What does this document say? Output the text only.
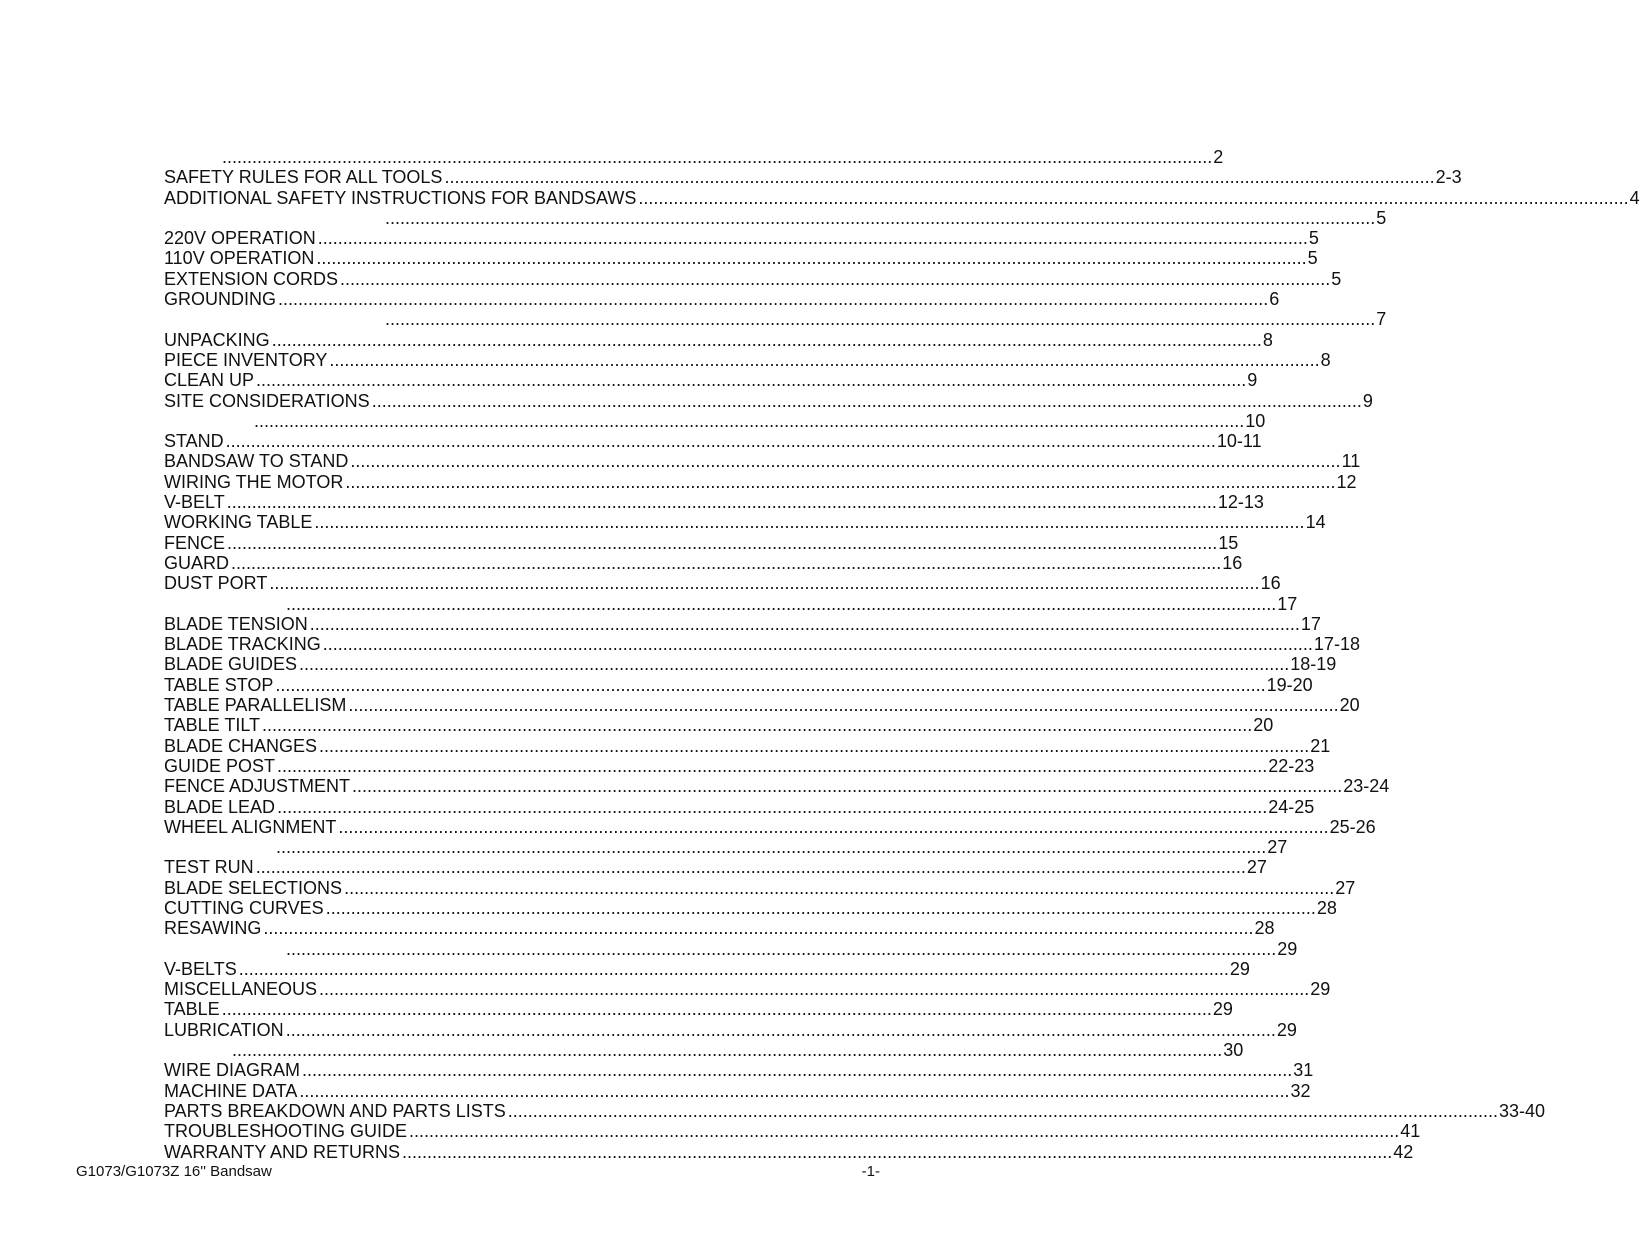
...................................................................................................................................................................................................... 2
SAFETY RULES FOR ALL TOOLS ...................................................................................................................................................................................................... 2-3
ADDITIONAL SAFETY INSTRUCTIONS FOR BANDSAWS ...................................................................................................................................................................................................... 4
...................................................................................................................................................................................................... 5
220V OPERATION ...................................................................................................................................................................................................... 5
110V OPERATION ...................................................................................................................................................................................................... 5
EXTENSION CORDS ...................................................................................................................................................................................................... 5
GROUNDING ...................................................................................................................................................................................................... 6
...................................................................................................................................................................................................... 7
UNPACKING ...................................................................................................................................................................................................... 8
PIECE INVENTORY ...................................................................................................................................................................................................... 8
CLEAN UP ...................................................................................................................................................................................................... 9
SITE CONSIDERATIONS ...................................................................................................................................................................................................... 9
...................................................................................................................................................................................................... 10
STAND ...................................................................................................................................................................................................... 10-11
BANDSAW TO STAND ...................................................................................................................................................................................................... 11
WIRING THE MOTOR ...................................................................................................................................................................................................... 12
V-BELT ...................................................................................................................................................................................................... 12-13
WORKING TABLE ...................................................................................................................................................................................................... 14
FENCE ...................................................................................................................................................................................................... 15
GUARD ...................................................................................................................................................................................................... 16
DUST PORT ...................................................................................................................................................................................................... 16
...................................................................................................................................................................................................... 17
BLADE TENSION ...................................................................................................................................................................................................... 17
BLADE TRACKING ...................................................................................................................................................................................................... 17-18
BLADE GUIDES ...................................................................................................................................................................................................... 18-19
TABLE STOP ...................................................................................................................................................................................................... 19-20
TABLE PARALLELISM ...................................................................................................................................................................................................... 20
TABLE TILT ...................................................................................................................................................................................................... 20
BLADE CHANGES ...................................................................................................................................................................................................... 21
GUIDE POST ...................................................................................................................................................................................................... 22-23
FENCE ADJUSTMENT ...................................................................................................................................................................................................... 23-24
BLADE LEAD ...................................................................................................................................................................................................... 24-25
WHEEL ALIGNMENT ...................................................................................................................................................................................................... 25-26
...................................................................................................................................................................................................... 27
TEST RUN ...................................................................................................................................................................................................... 27
BLADE SELECTIONS ...................................................................................................................................................................................................... 27
CUTTING CURVES ...................................................................................................................................................................................................... 28
RESAWING ...................................................................................................................................................................................................... 28
...................................................................................................................................................................................................... 29
V-BELTS ...................................................................................................................................................................................................... 29
MISCELLANEOUS ...................................................................................................................................................................................................... 29
TABLE ...................................................................................................................................................................................................... 29
LUBRICATION ...................................................................................................................................................................................................... 29
...................................................................................................................................................................................................... 30
WIRE DIAGRAM ...................................................................................................................................................................................................... 31
MACHINE DATA ...................................................................................................................................................................................................... 32
PARTS BREAKDOWN AND PARTS LISTS ...................................................................................................................................................................................................... 33-40
TROUBLESHOOTING GUIDE ...................................................................................................................................................................................................... 41
WARRANTY AND RETURNS ...................................................................................................................................................................................................... 42
G1073/G1073Z 16'' Bandsaw	-1-
